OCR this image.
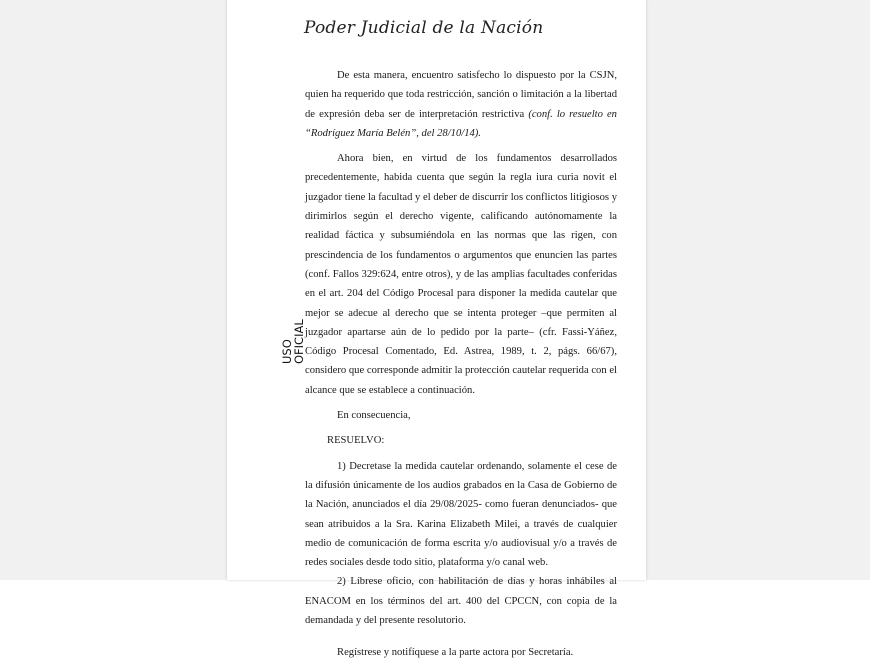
Poder Judicial de la Nación
USO
OFICIAL

De esta manera, encuentro satisfecho lo dispuesto por la CSJN, quien ha requerido que toda restricción, sanción o limitación a la libertad de expresión deba ser de interpretación restrictiva (conf. lo resuelto en “Rodríguez María Belén”, del 28/10/14).

Ahora bien, en virtud de los fundamentos desarrollados precedentemente, habida cuenta que según la regla iura curia novit el juzgador tiene la facultad y el deber de discurrir los conflictos litigiosos y dirimirlos según el derecho vigente, calificando autónomamente la realidad fáctica y subsumiéndola en las normas que las rigen, con prescindencia de los fundamentos o argumentos que enuncien las partes (conf. Fallos 329:624, entre otros), y de las amplias facultades conferidas en el art. 204 del Código Procesal para disponer la medida cautelar que mejor se adecue al derecho que se intenta proteger –que permiten al juzgador apartarse aún de lo pedido por la parte– (cfr. Fassi-Yáñez, Código Procesal Comentado, Ed. Astrea, 1989, t. 2, págs. 66/67), considero que corresponde admitir la protección cautelar requerida con el alcance que se establece a continuación.

En consecuencia,

RESUELVO:

1) Decretase la medida cautelar ordenando, solamente el cese de la difusión únicamente de los audios grabados en la Casa de Gobierno de la Nación, anunciados el día 29/08/2025- como fueran denunciados- que sean atribuidos a la Sra. Karina Elizabeth Milei, a través de cualquier medio de comunicación de forma escrita y/o audiovisual y/o a través de redes sociales desde todo sitio, plataforma y/o canal web.

2) Líbrese oficio, con habilitación de días y horas inhábiles al ENACOM en los términos del art. 400 del CPCCN, con copia de la demandada y del presente resolutorio.

Regístrese y notifíquese a la parte actora por Secretaría.
